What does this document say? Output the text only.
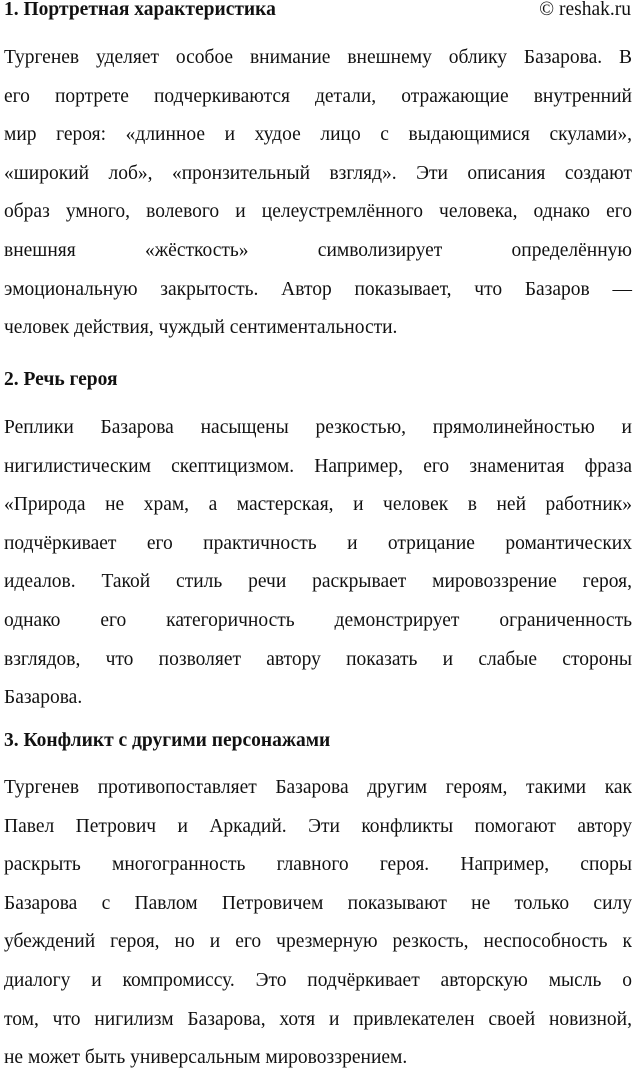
1. Портретная характеристика	© reshak.ru
Тургенев уделяет особое внимание внешнему облику Базарова. В
его портрете подчеркиваются детали, отражающие внутренний
мир героя: «длинное и худое лицо с выдающимися скулами»,
«широкий лоб», «пронзительный взгляд». Эти описания создают
образ умного, волевого и целеустремлённого человека, однако его
внешняя «жёсткость» символизирует определённую
эмоциональную закрытость. Автор показывает, что Базаров —
человек действия, чуждый сентиментальности.
2. Речь героя
Реплики Базарова насыщены резкостью, прямолинейностью и
нигилистическим скептицизмом. Например, его знаменитая фраза
«Природа не храм, а мастерская, и человек в ней работник»
подчёркивает его практичность и отрицание романтических
идеалов. Такой стиль речи раскрывает мировоззрение героя,
однако его категоричность демонстрирует ограниченность
взглядов, что позволяет автору показать и слабые стороны
Базарова.
3. Конфликт с другими персонажами
Тургенев противопоставляет Базарова другим героям, такими как
Павел Петрович и Аркадий. Эти конфликты помогают автору
раскрыть многогранность главного героя. Например, споры
Базарова с Павлом Петровичем показывают не только силу
убеждений героя, но и его чрезмерную резкость, неспособность к
диалогу и компромиссу. Это подчёркивает авторскую мысль о
том, что нигилизм Базарова, хотя и привлекателен своей новизной,
не может быть универсальным мировоззрением.
